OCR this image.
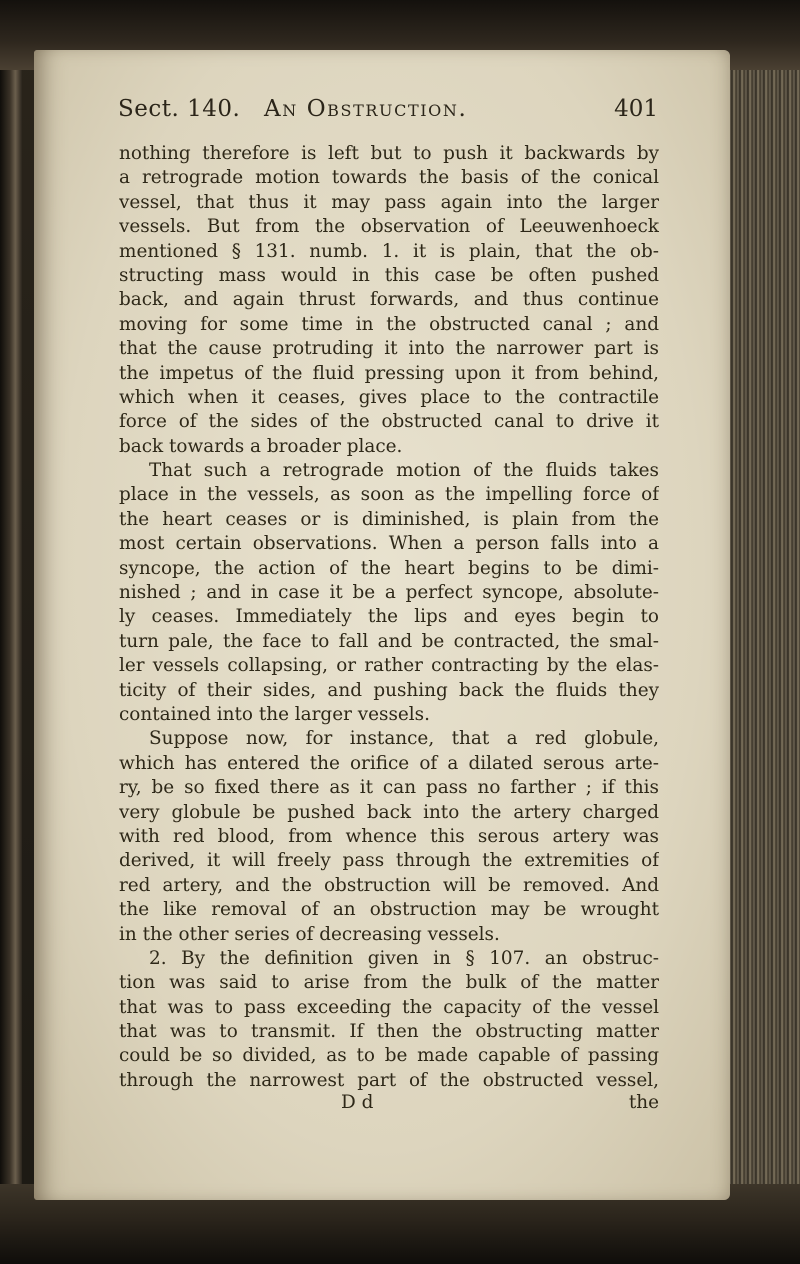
Sect. 140. An Obstruction.	401
nothing therefore is left but to push it backwards by
a retrograde motion towards the basis of the conical
vessel, that thus it may pass again into the larger
vessels. But from the observation of Leeuwenhoeck
mentioned § 131. numb. 1. it is plain, that the ob-
structing mass would in this case be often pushed
back, and again thrust forwards, and thus continue
moving for some time in the obstructed canal ; and
that the cause protruding it into the narrower part is
the impetus of the fluid pressing upon it from behind,
which when it ceases, gives place to the contractile
force of the sides of the obstructed canal to drive it
back towards a broader place.
That such a retrograde motion of the fluids takes
place in the vessels, as soon as the impelling force of
the heart ceases or is diminished, is plain from the
most certain observations. When a person falls into a
syncope, the action of the heart begins to be dimi-
nished ; and in case it be a perfect syncope, absolute-
ly ceases. Immediately the lips and eyes begin to
turn pale, the face to fall and be contracted, the smal-
ler vessels collapsing, or rather contracting by the elas-
ticity of their sides, and pushing back the fluids they
contained into the larger vessels.
Suppose now, for instance, that a red globule,
which has entered the orifice of a dilated serous arte-
ry, be so fixed there as it can pass no farther ; if this
very globule be pushed back into the artery charged
with red blood, from whence this serous artery was
derived, it will freely pass through the extremities of
red artery, and the obstruction will be removed. And
the like removal of an obstruction may be wrought
in the other series of decreasing vessels.
2. By the definition given in § 107. an obstruc-
tion was said to arise from the bulk of the matter
that was to pass exceeding the capacity of the vessel
that was to transmit. If then the obstructing matter
could be so divided, as to be made capable of passing
through the narrowest part of the obstructed vessel,
D d	the
